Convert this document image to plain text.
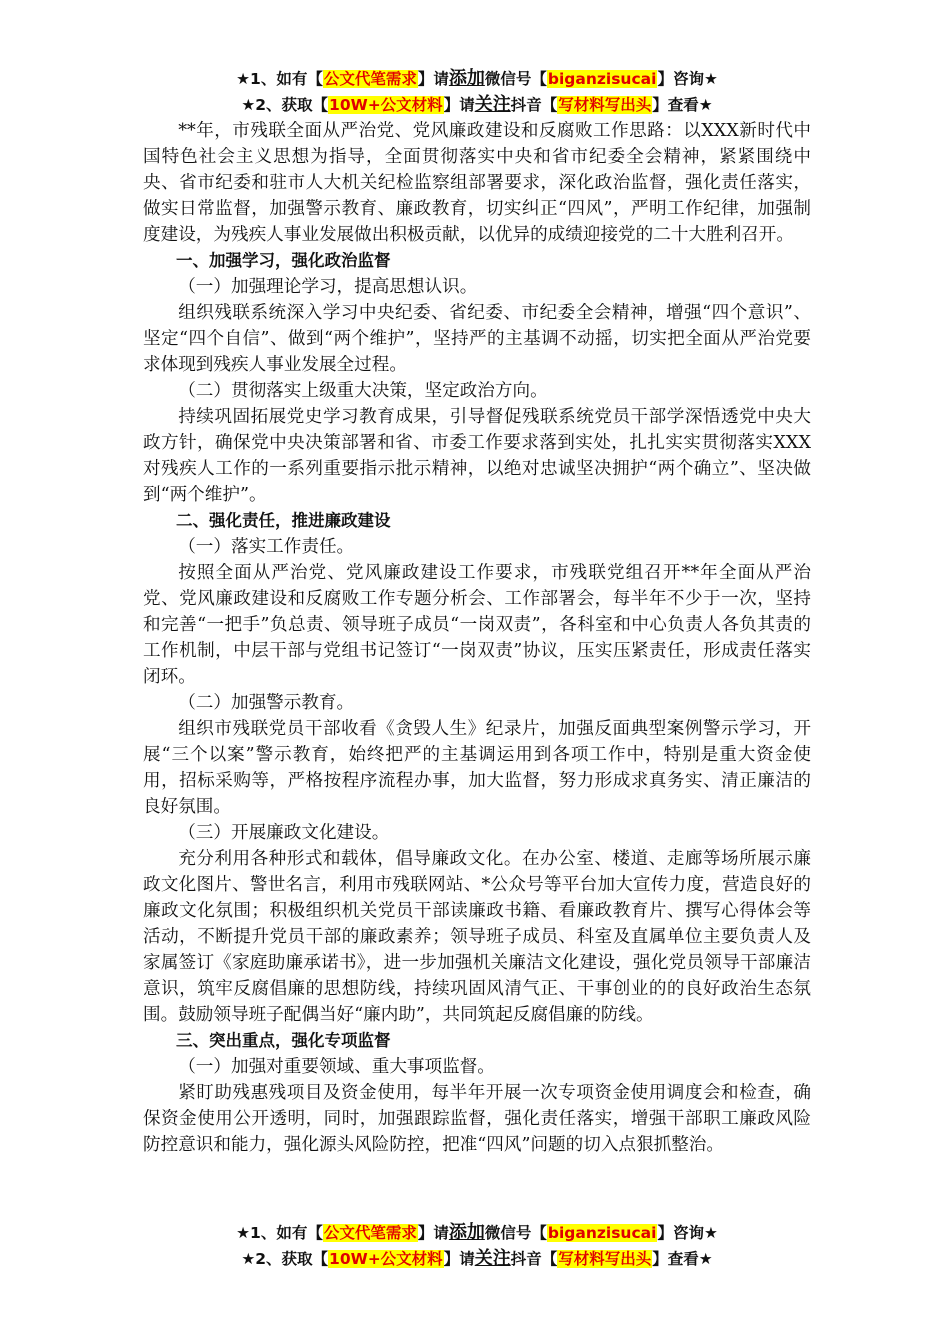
★1、如有【公文代笔需求】请添加微信号【biganzisucai】咨询★
★2、获取【10W+公文材料】请关注抖音【写材料写出头】查看★

**年，市残联全面从严治党、党风廉政建设和反腐败工作思路：以XXX新时代中国特色社会主义思想为指导，全面贯彻落实中央和省市纪委全会精神，紧紧围绕中央、省市纪委和驻市人大机关纪检监察组部署要求，深化政治监督，强化责任落实，做实日常监督，加强警示教育、廉政教育，切实纠正“四风”，严明工作纪律，加强制度建设，为残疾人事业发展做出积极贡献，以优异的成绩迎接党的二十大胜利召开。

一、加强学习，强化政治监督

（一）加强理论学习，提高思想认识。

组织残联系统深入学习中央纪委、省纪委、市纪委全会精神，增强“四个意识”、坚定“四个自信”、做到“两个维护”，坚持严的主基调不动摇，切实把全面从严治党要求体现到残疾人事业发展全过程。

（二）贯彻落实上级重大决策，坚定政治方向。

持续巩固拓展党史学习教育成果，引导督促残联系统党员干部学深悟透党中央大政方针，确保党中央决策部署和省、市委工作要求落到实处，扎扎实实贯彻落实XXX对残疾人工作的一系列重要指示批示精神，以绝对忠诚坚决拥护“两个确立”、坚决做到“两个维护”。

二、强化责任，推进廉政建设

（一）落实工作责任。

按照全面从严治党、党风廉政建设工作要求，市残联党组召开**年全面从严治党、党风廉政建设和反腐败工作专题分析会、工作部署会，每半年不少于一次，坚持和完善“一把手”负总责、领导班子成员“一岗双责”，各科室和中心负责人各负其责的工作机制，中层干部与党组书记签订“一岗双责”协议，压实压紧责任，形成责任落实闭环。

（二）加强警示教育。

组织市残联党员干部收看《贪毁人生》纪录片，加强反面典型案例警示学习，开展“三个以案”警示教育，始终把严的主基调运用到各项工作中，特别是重大资金使用，招标采购等，严格按程序流程办事，加大监督，努力形成求真务实、清正廉洁的良好氛围。

（三）开展廉政文化建设。

充分利用各种形式和载体，倡导廉政文化。在办公室、楼道、走廊等场所展示廉政文化图片、警世名言，利用市残联网站、*公众号等平台加大宣传力度，营造良好的廉政文化氛围；积极组织机关党员干部读廉政书籍、看廉政教育片、撰写心得体会等活动，不断提升党员干部的廉政素养；领导班子成员、科室及直属单位主要负责人及家属签订《家庭助廉承诺书》，进一步加强机关廉洁文化建设，强化党员领导干部廉洁意识，筑牢反腐倡廉的思想防线，持续巩固风清气正、干事创业的的良好政治生态氛围。鼓励领导班子配偶当好“廉内助”，共同筑起反腐倡廉的防线。

三、突出重点，强化专项监督

（一）加强对重要领域、重大事项监督。

紧盯助残惠残项目及资金使用，每半年开展一次专项资金使用调度会和检查，确保资金使用公开透明，同时，加强跟踪监督，强化责任落实，增强干部职工廉政风险防控意识和能力，强化源头风险防控，把准“四风”问题的切入点狠抓整治。

★1、如有【公文代笔需求】请添加微信号【biganzisucai】咨询★
★2、获取【10W+公文材料】请关注抖音【写材料写出头】查看★
